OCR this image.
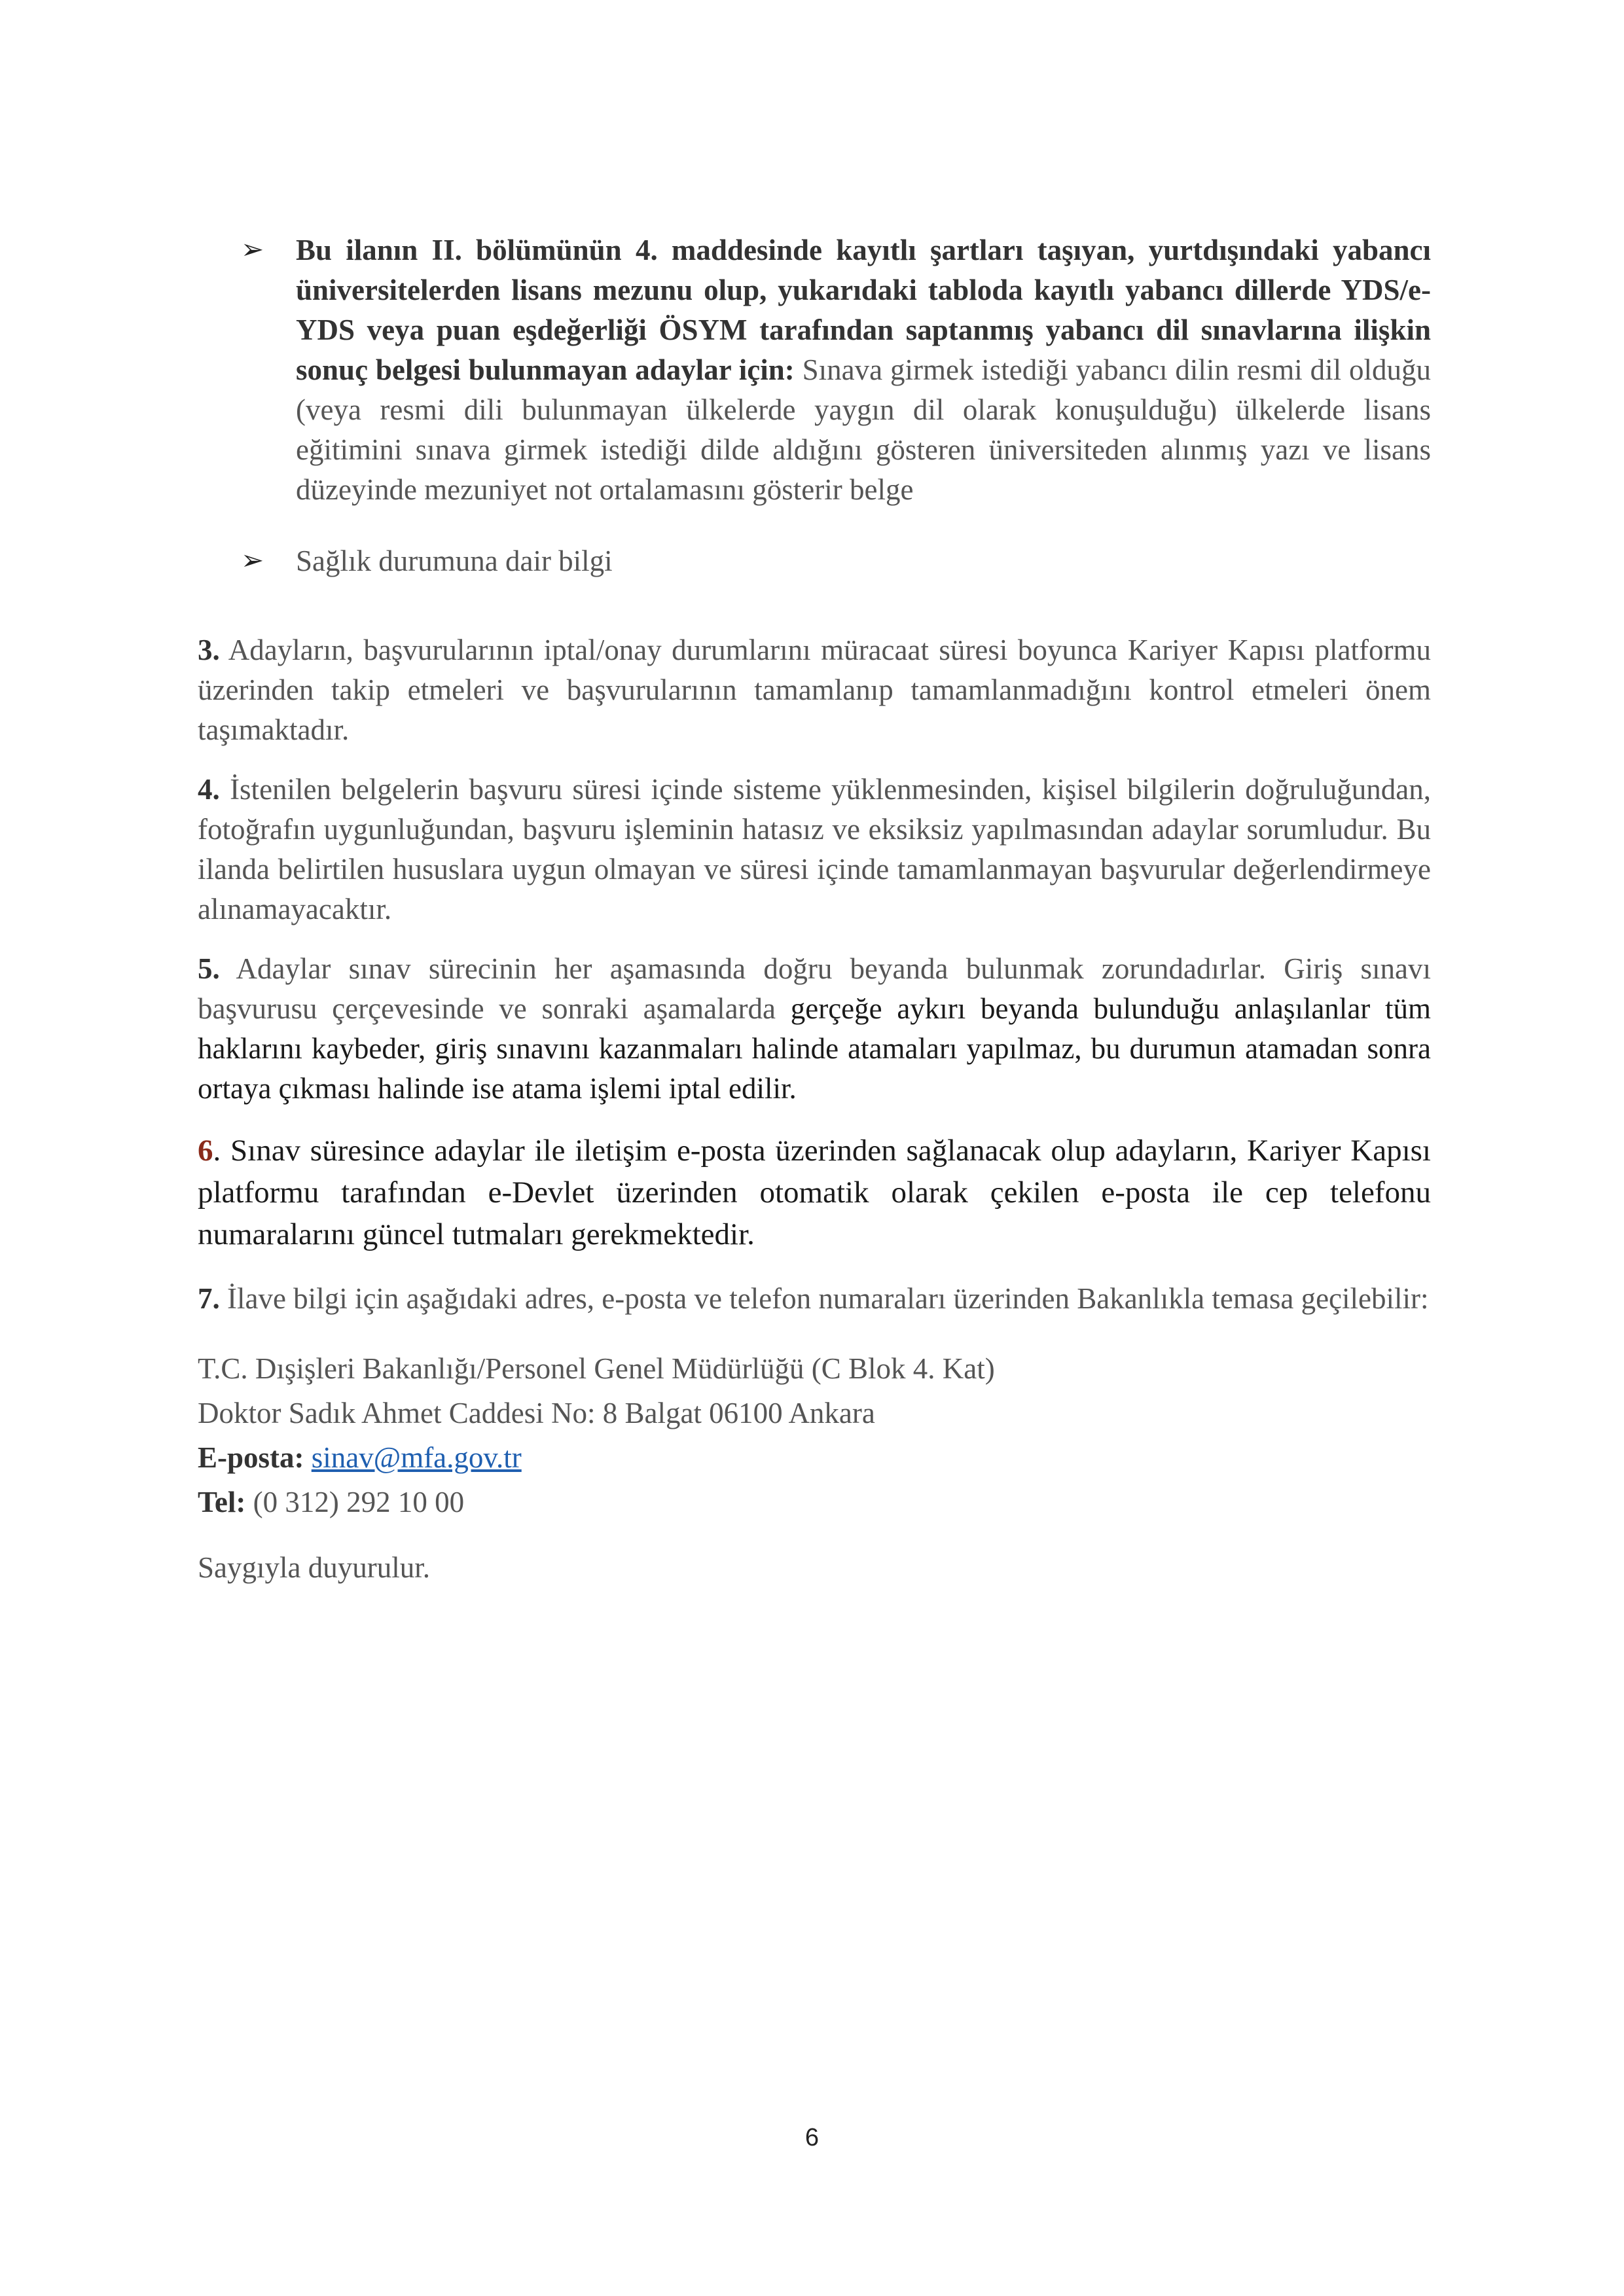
➢ Bu ilanın II. bölümünün 4. maddesinde kayıtlı şartları taşıyan, yurtdışındaki yabancı üniversitelerden lisans mezunu olup, yukarıdaki tabloda kayıtlı yabancı dillerde YDS/e-YDS veya puan eşdeğerliği ÖSYM tarafından saptanmış yabancı dil sınavlarına ilişkin sonuç belgesi bulunmayan adaylar için: Sınava girmek istediği yabancı dilin resmi dil olduğu (veya resmi dili bulunmayan ülkelerde yaygın dil olarak konuşulduğu) ülkelerde lisans eğitimini sınava girmek istediği dilde aldığını gösteren üniversiteden alınmış yazı ve lisans düzeyinde mezuniyet not ortalamasını gösterir belge

➢ Sağlık durumuna dair bilgi

3. Adayların, başvurularının iptal/onay durumlarını müracaat süresi boyunca Kariyer Kapısı platformu üzerinden takip etmeleri ve başvurularının tamamlanıp tamamlanmadığını kontrol etmeleri önem taşımaktadır.

4. İstenilen belgelerin başvuru süresi içinde sisteme yüklenmesinden, kişisel bilgilerin doğruluğundan, fotoğrafın uygunluğundan, başvuru işleminin hatasız ve eksiksiz yapılmasından adaylar sorumludur. Bu ilanda belirtilen hususlara uygun olmayan ve süresi içinde tamamlanmayan başvurular değerlendirmeye alınamayacaktır.

5. Adaylar sınav sürecinin her aşamasında doğru beyanda bulunmak zorundadırlar. Giriş sınavı başvurusu çerçevesinde ve sonraki aşamalarda gerçeğe aykırı beyanda bulunduğu anlaşılanlar tüm haklarını kaybeder, giriş sınavını kazanmaları halinde atamaları yapılmaz, bu durumun atamadan sonra ortaya çıkması halinde ise atama işlemi iptal edilir.

6. Sınav süresince adaylar ile iletişim e-posta üzerinden sağlanacak olup adayların, Kariyer Kapısı platformu tarafından e-Devlet üzerinden otomatik olarak çekilen e-posta ile cep telefonu numaralarını güncel tutmaları gerekmektedir.

7. İlave bilgi için aşağıdaki adres, e-posta ve telefon numaraları üzerinden Bakanlıkla temasa geçilebilir:

T.C. Dışişleri Bakanlığı/Personel Genel Müdürlüğü (C Blok 4. Kat)
Doktor Sadık Ahmet Caddesi No: 8 Balgat 06100 Ankara
E-posta: sinav@mfa.gov.tr
Tel: (0 312) 292 10 00

Saygıyla duyurulur.

6
